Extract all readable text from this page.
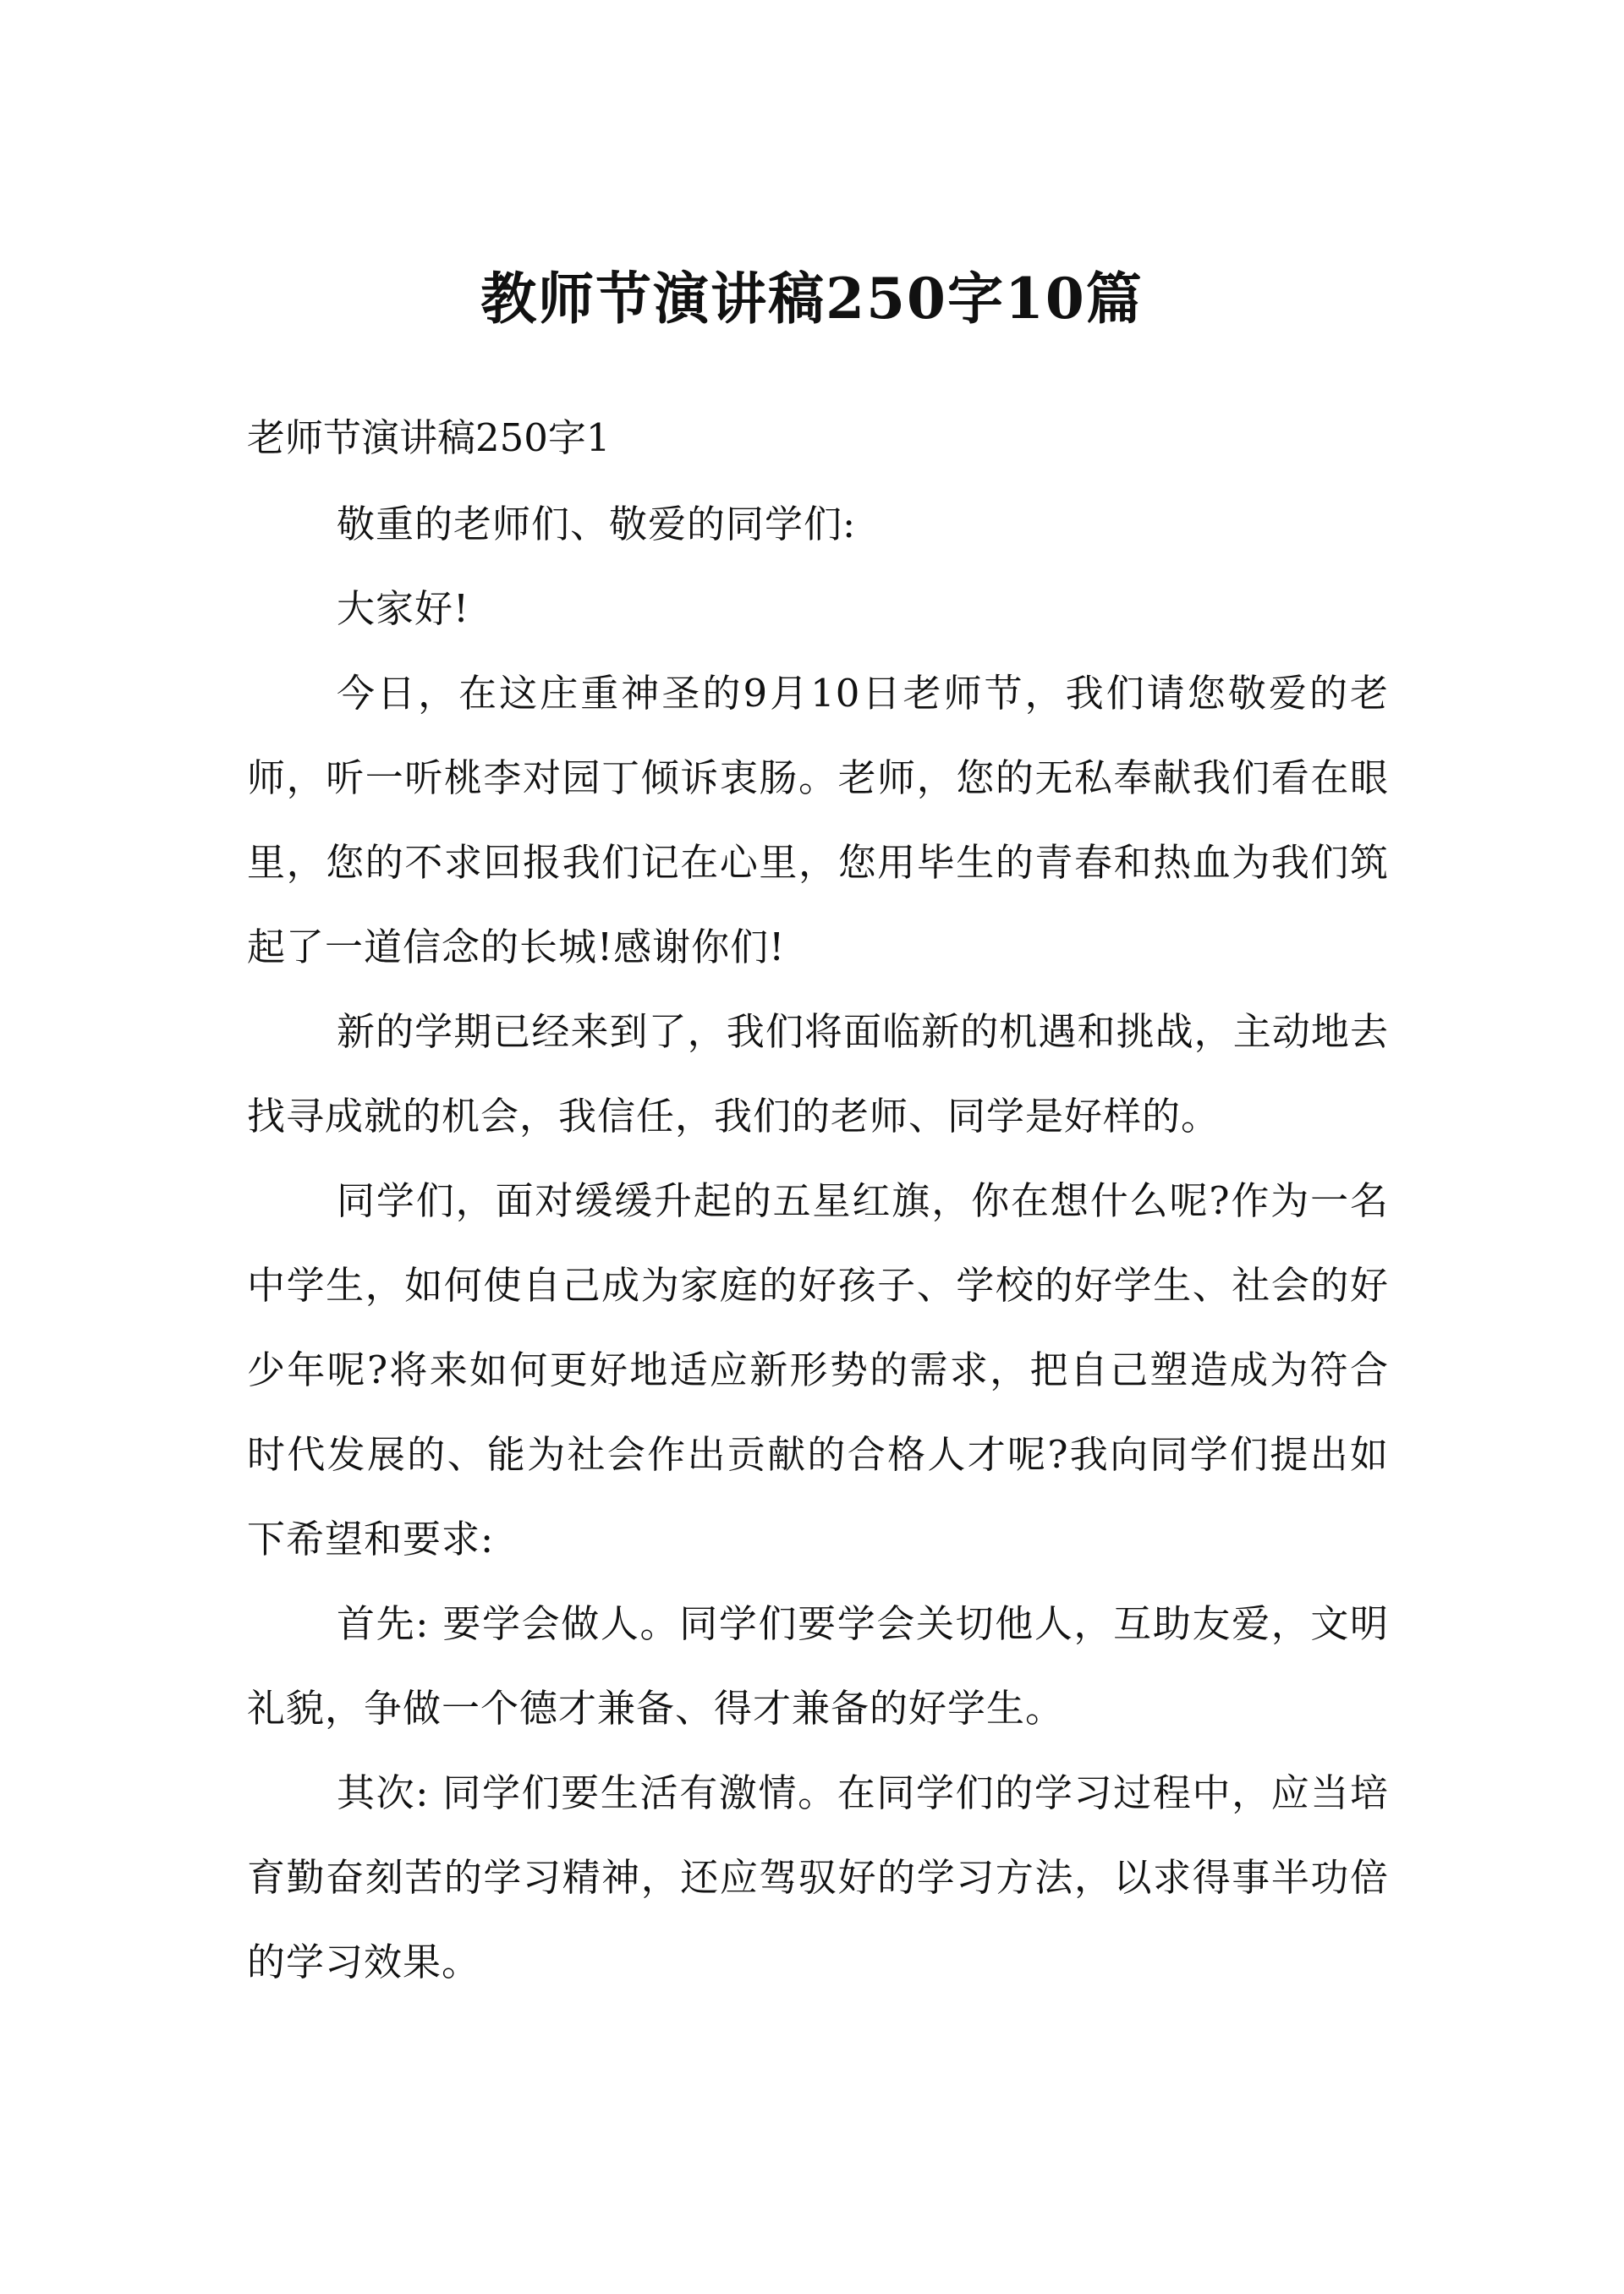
教师节演讲稿250字10篇
老师节演讲稿250字1

敬重的老师们、敬爱的同学们:

大家好!

今日，在这庄重神圣的9月10日老师节，我们请您敬爱的老师，听一听桃李对园丁倾诉衷肠。老师，您的无私奉献我们看在眼里，您的不求回报我们记在心里，您用毕生的青春和热血为我们筑起了一道信念的长城!感谢你们!

新的学期已经来到了，我们将面临新的机遇和挑战，主动地去找寻成就的机会，我信任，我们的老师、同学是好样的。

同学们，面对缓缓升起的五星红旗，你在想什么呢?作为一名中学生，如何使自己成为家庭的好孩子、学校的好学生、社会的好少年呢?将来如何更好地适应新形势的需求，把自己塑造成为符合时代发展的、能为社会作出贡献的合格人才呢?我向同学们提出如下希望和要求:

首先: 要学会做人。同学们要学会关切他人，互助友爱，文明礼貌，争做一个德才兼备、得才兼备的好学生。

其次: 同学们要生活有激情。在同学们的学习过程中，应当培育勤奋刻苦的学习精神，还应驾驭好的学习方法，以求得事半功倍的学习效果。
